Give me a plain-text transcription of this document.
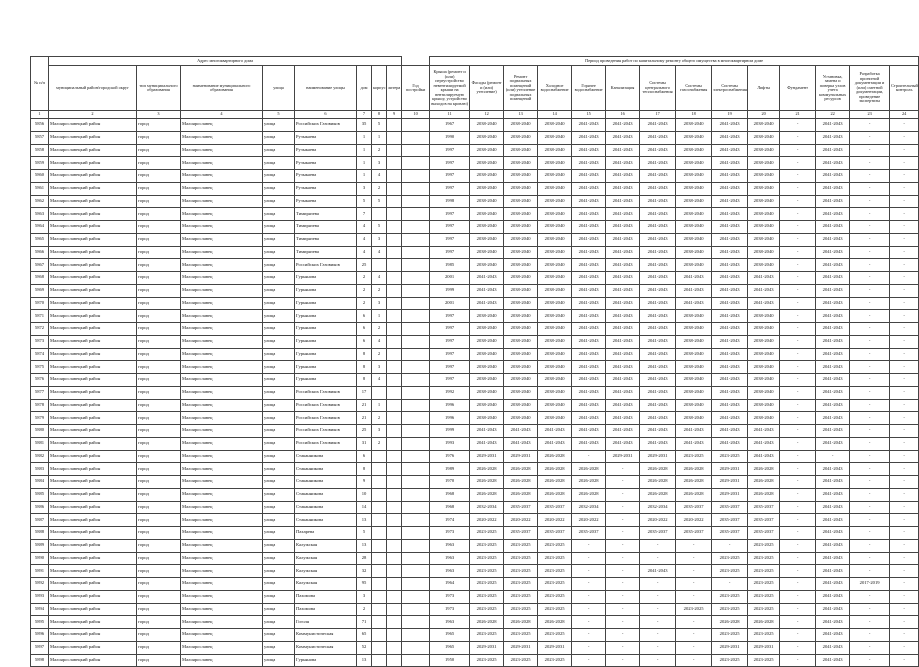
№ п/п	Адрес многоквартирного дома									Период проведения работ по капитальному ремонту общего имущества в многоквартирном доме													
	муниципальный район/городской округ	тип муниципального образования	наименование муниципального образования	улица	наименование улицы	дом	корпус	литера	Год постройки	Крыша (ремонт и (или) переустройство невентилируемой крыши на вентилируемую крышу, устройство выходов на кровлю)	Фасады (ремонт и (или) утепление)	Ремонт подвальных помещений (или) утепление подвальных помещений	Холодное водоснабжение	Горячее водоснабжение	Канализация	Системы центрального теплоснабжения	Системы газоснабжения	Системы электроснабжения	Лифты	Фундамент	Установка, замена и поверка узлов учета коммунальных ресурсов	Разработка проектной документации и (или) сметной документации, проведение экспертизы	Строительный контроль
1	2	3	4	5	6	7	8	9	10	11	12	13	14	15	16	17	18	19	20	21	22	23	24
5856	Малоярославецкий район	город	Малоярославец	улица	Российских Газовиков	35	5			1967	2038-2040	2038-2040	2038-2040	2041-2043	2041-2043	2041-2043	2038-2040	2041-2043	2038-2040	-	2041-2043	-	-
5857	Малоярославецкий район	город	Малоярославец	улица	Рузыкаева	1	1			1990	2038-2040	2038-2040	2038-2040	2041-2043	2041-2043	2041-2043	2038-2040	2041-2043	2038-2040	-	2041-2043	-	-
5858	Малоярославецкий район	город	Малоярославец	улица	Рузыкаева	1	2			1997	2038-2040	2038-2040	2038-2040	2041-2043	2041-2043	2041-2043	2038-2040	2041-2043	2038-2040	-	2041-2043	-	-
5859	Малоярославецкий район	город	Малоярославец	улица	Рузыкаева	1	3			1997	2038-2040	2038-2040	2038-2040	2041-2043	2041-2043	2041-2043	2038-2040	2041-2043	2038-2040	-	2041-2043	-	-
5860	Малоярославецкий район	город	Малоярославец	улица	Рузыкаева	1	4			1997	2038-2040	2038-2040	2038-2040	2041-2043	2041-2043	2041-2043	2038-2040	2041-2043	2038-2040	-	2041-2043	-	-
5861	Малоярославецкий район	город	Малоярославец	улица	Рузыкаева	3	2			1997	2038-2040	2038-2040	2038-2040	2041-2043	2041-2043	2041-2043	2038-2040	2041-2043	2038-2040	-	2041-2043	-	-
5862	Малоярославецкий район	город	Малоярославец	улица	Рузыкаева	5	5			1998	2038-2040	2038-2040	2038-2040	2041-2043	2041-2043	2041-2043	2038-2040	2041-2043	2038-2040	-	2041-2043	-	-
5863	Малоярославецкий район	город	Малоярославец	улица	Тимирязева	7				1997	2038-2040	2038-2040	2038-2040	2041-2043	2041-2043	2041-2043	2038-2040	2041-2043	2038-2040	-	2041-2043	-	-
5864	Малоярославецкий район	город	Малоярославец	улица	Тимирязева	4	5			1997	2038-2040	2038-2040	2038-2040	2041-2043	2041-2043	2041-2043	2038-2040	2041-2043	2038-2040	-	2041-2043	-	-
5865	Малоярославецкий район	город	Малоярославец	улица	Тимирязева	4	3			1997	2038-2040	2038-2040	2038-2040	2041-2043	2041-2043	2041-2043	2038-2040	2041-2043	2038-2040	-	2041-2043	-	-
5866	Малоярославецкий район	город	Малоярославец	улица	Тимирязева	4	4			1997	2038-2040	2038-2040	2038-2040	2041-2043	2041-2043	2041-2043	2038-2040	2041-2043	2038-2040	-	2041-2043	-	-
5867	Малоярославецкий район	город	Малоярославец	улица	Российских Газовиков	25				1985	2038-2040	2038-2040	2038-2040	2041-2043	2041-2043	2041-2043	2038-2040	2041-2043	2038-2040	-	2041-2043	-	-
5868	Малоярославецкий район	город	Малоярославец	улица	Гурьянова	2	4			2001	2041-2043	2038-2040	2038-2040	2041-2043	2041-2043	2041-2043	2041-2043	2041-2043	2041-2043	-	2041-2043	-	-
5869	Малоярославецкий район	город	Малоярославец	улица	Гурьянова	2	2			1999	2041-2043	2038-2040	2038-2040	2041-2043	2041-2043	2041-2043	2041-2043	2041-2043	2041-2043	-	2041-2043	-	-
5870	Малоярославецкий район	город	Малоярославец	улица	Гурьянова	2	3			2001	2041-2043	2038-2040	2038-2040	2041-2043	2041-2043	2041-2043	2041-2043	2041-2043	2041-2043	-	2041-2043	-	-
5871	Малоярославецкий район	город	Малоярославец	улица	Гурьянова	6	1			1997	2038-2040	2038-2040	2038-2040	2041-2043	2041-2043	2041-2043	2038-2040	2041-2043	2038-2040	-	2041-2043	-	-
5872	Малоярославецкий район	город	Малоярославец	улица	Гурьянова	6	2			1997	2038-2040	2038-2040	2038-2040	2041-2043	2041-2043	2041-2043	2038-2040	2041-2043	2038-2040	-	2041-2043	-	-
5873	Малоярославецкий район	город	Малоярославец	улица	Гурьянова	6	4			1997	2038-2040	2038-2040	2038-2040	2041-2043	2041-2043	2041-2043	2038-2040	2041-2043	2038-2040	-	2041-2043	-	-
5874	Малоярославецкий район	город	Малоярославец	улица	Гурьянова	8	2			1997	2038-2040	2038-2040	2038-2040	2041-2043	2041-2043	2041-2043	2038-2040	2041-2043	2038-2040	-	2041-2043	-	-
5875	Малоярославецкий район	город	Малоярославец	улица	Гурьянова	8	3			1997	2038-2040	2038-2040	2038-2040	2041-2043	2041-2043	2041-2043	2038-2040	2041-2043	2038-2040	-	2041-2043	-	-
5876	Малоярославецкий район	город	Малоярославец	улица	Гурьянова	8	4			1997	2038-2040	2038-2040	2038-2040	2041-2043	2041-2043	2041-2043	2038-2040	2041-2043	2038-2040	-	2041-2043	-	-
5877	Малоярославецкий район	город	Малоярославец	улица	Российских Газовиков	17				1992	2038-2040	2038-2040	2038-2040	2041-2043	2041-2043	2041-2043	2038-2040	2041-2043	2038-2040	-	2041-2043	-	-
5878	Малоярославецкий район	город	Малоярославец	улица	Российских Газовиков	21	1			1996	2038-2040	2038-2040	2038-2040	2041-2043	2041-2043	2041-2043	2038-2040	2041-2043	2038-2040	-	2041-2043	-	-
5879	Малоярославецкий район	город	Малоярославец	улица	Российских Газовиков	21	2			1996	2038-2040	2038-2040	2038-2040	2041-2043	2041-2043	2041-2043	2038-2040	2041-2043	2038-2040	-	2041-2043	-	-
5880	Малоярославецкий район	город	Малоярославец	улица	Российских Газовиков	25	3			1999	2041-2043	2041-2043	2041-2043	2041-2043	2041-2043	2041-2043	2041-2043	2041-2043	2041-2043	-	2041-2043	-	-
5881	Малоярославецкий район	город	Малоярославец	улица	Российских Газовиков	31	2			1993	2041-2043	2041-2043	2041-2043	2041-2043	2041-2043	2041-2043	2041-2043	2041-2043	2041-2043	-	2041-2043	-	-
5882	Малоярославецкий район	город	Малоярославец	улица	Стаканникова	6				1976	2029-2031	2029-2031	2026-2028	-	2029-2031	2029-2031	2023-2025	2023-2025	2041-2043	-	-	-	-
5883	Малоярославецкий район	город	Малоярославец	улица	Стаканникова	8				1989	2026-2028	2026-2028	2026-2028	2026-2028	-	2026-2028	2026-2028	2029-2031	2026-2028	-	2041-2043	-	-
5884	Малоярославецкий район	город	Малоярославец	улица	Стаканникова	9				1970	2026-2028	2026-2028	2026-2028	2026-2028	-	2026-2028	2026-2028	2029-2031	2026-2028	-	2041-2043	-	-
5885	Малоярославецкий район	город	Малоярославец	улица	Стаканникова	10				1968	2026-2028	2026-2028	2026-2028	2026-2028	-	2026-2028	2026-2028	2029-2031	2026-2028	-	2041-2043	-	-
5886	Малоярославецкий район	город	Малоярославец	улица	Стаканникова	14				1968	2032-2034	2035-2037	2035-2037	2032-2034	-	2032-2034	2035-2037	2035-2037	2035-2037	-	2041-2043	-	-
5887	Малоярославецкий район	город	Малоярославец	улица	Стаканникова	13				1974	2020-2022	2020-2022	2020-2022	2020-2022	-	2020-2022	2020-2022	2035-2037	2035-2037	-	2041-2043	-	-
5888	Малоярославецкий район	город	Малоярославец	улица	Пахарева	5				1973	2023-2025	2035-2037	2035-2037	2035-2037	-	2035-2037	2035-2037	2035-2037	2035-2037	-	2041-2043	-	-
5889	Малоярославецкий район	город	Малоярославец	улица	Калужская	13				1963	2023-2025	2023-2025	2023-2025	-	-	-	-	-	2023-2025	-	2041-2043	-	-
5890	Малоярославецкий район	город	Малоярославец	улица	Калужская	28				1963	2023-2025	2023-2025	2023-2025	-	-	-	-	2023-2025	2023-2025	-	2041-2043	-	-
5891	Малоярославецкий район	город	Малоярославец	улица	Калужская	32				1963	2023-2025	2023-2025	2023-2025	-	-	2041-2043	-	2023-2025	2023-2025	-	2041-2043	-	-
5892	Малоярославецкий район	город	Малоярославец	улица	Калужская	95				1964	2023-2025	2023-2025	2023-2025	-	-	-	-	-	2023-2025	-	2041-2043	2017-2019	-
5893	Малоярославецкий район	город	Малоярославец	улица	Пахомова	3				1973	2023-2025	2023-2025	2023-2025	-	-	-	-	2023-2025	2023-2025	-	2041-2043	-	-
5894	Малоярославецкий район	город	Малоярославец	улица	Пахомова	2				1973	2023-2025	2023-2025	2023-2025	-	-	-	2023-2025	2023-2025	2023-2025	-	2041-2043	-	-
5895	Малоярославецкий район	город	Малоярославец	улица	Гоголя	71				1963	2026-2028	2026-2028	2026-2028	-	-	-	-	2026-2028	2026-2028	-	2041-2043	-	-
5896	Малоярославецкий район	город	Малоярославец	улица	Коммунистическая	65				1965	2023-2025	2023-2025	2023-2025	-	-	-	-	2023-2025	2023-2025	-	2041-2043	-	-
5897	Малоярославецкий район	город	Малоярославец	улица	Коммунистическая	52				1965	2029-2031	2029-2031	2029-2031	-	-	-	-	2029-2031	2029-2031	-	2041-2043	-	-
5898	Малоярославецкий район	город	Малоярославец	улица	Гурьянова	13				1950	2023-2025	2023-2025	2023-2025	-	-	-	-	2023-2025	2023-2025	-	2041-2043	-	-
